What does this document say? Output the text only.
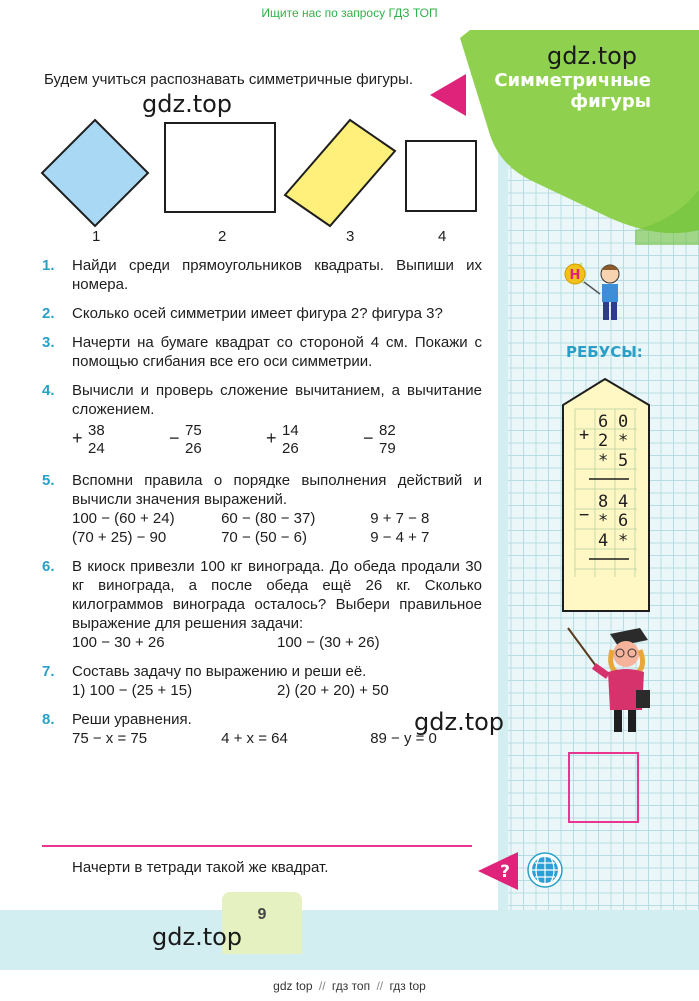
Ищите нас по запросу ГДЗ ТОП
Симметричные
фигуры
gdz.top
Будем учиться распознавать симметричные фигуры.
gdz.top
1	2	3	4
1. Найди среди прямоугольников квадраты. Выпиши их номера.
2. Сколько осей симметрии имеет фигура 2? фигура 3?
3. Начерти на бумаге квадрат со стороной 4 см. Покажи с помощью сгибания все его оси симметрии.
4. Вычисли и проверь сложение вычитанием, а вычитание сложением.
+ 38
24
− 75
26
+ 14
26
− 82
79
5. Вспомни правила о порядке выполнения действий и вычисли значения выражений.
100 − (60 + 24)	60 − (80 − 37)	9 + 7 − 8
(70 + 25) − 90	70 − (50 − 6)	9 − 4 + 7
6. В киоск привезли 100 кг винограда. До обеда продали 30 кг винограда, а после обеда ещё 26 кг. Сколько килограммов винограда осталось? Выбери правильное выражение для решения задачи:
100 − 30 + 26	100 − (30 + 26)
7. Составь задачу по выражению и реши её.
1) 100 − (25 + 15)	2) (20 + 20) + 50
8. Реши уравнения.
75 − x = 75	4 + x = 64	89 − y = 0
gdz.top
Начерти в тетради такой же квадрат.	?
9
gdz.top
Н
РЕБУСЫ:
+
6 0
2 *
* 5
−
8 4
* 6
4 *
gdz top // гдз топ // гдз top
